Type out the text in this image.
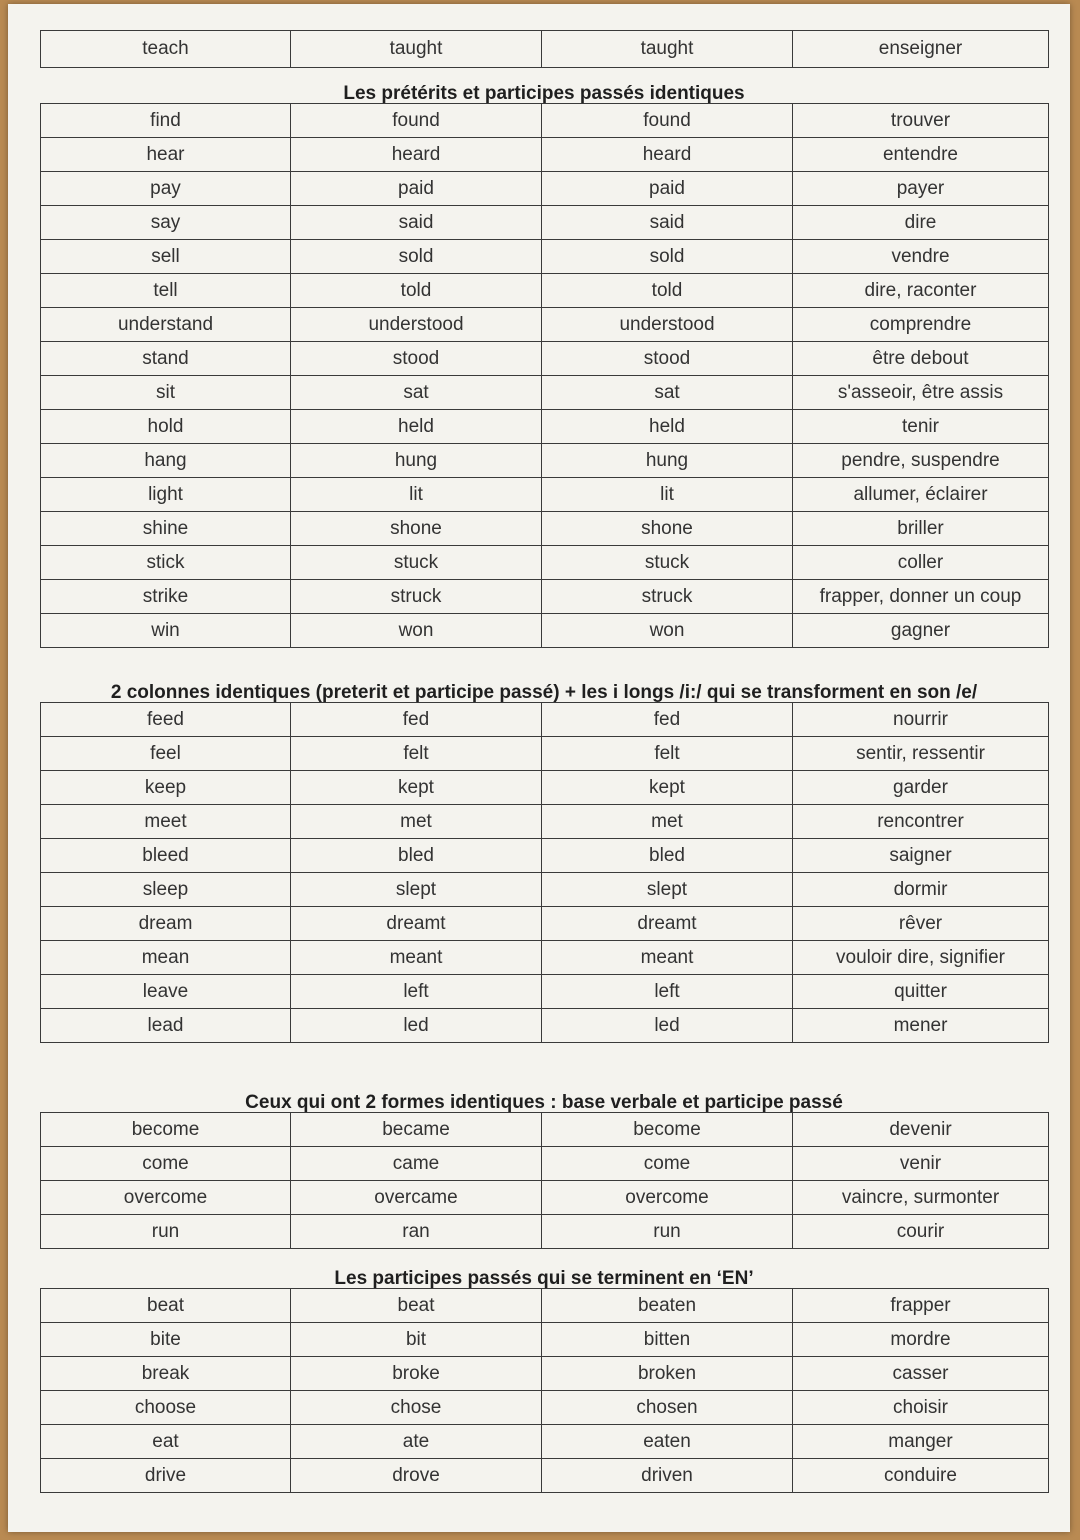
teach	taught	taught	enseigner
Les prétérits et participes passés identiques
find	found	found	trouver
hear	heard	heard	entendre
pay	paid	paid	payer
say	said	said	dire
sell	sold	sold	vendre
tell	told	told	dire, raconter
understand	understood	understood	comprendre
stand	stood	stood	être debout
sit	sat	sat	s'asseoir, être assis
hold	held	held	tenir
hang	hung	hung	pendre, suspendre
light	lit	lit	allumer, éclairer
shine	shone	shone	briller
stick	stuck	stuck	coller
strike	struck	struck	frapper, donner un coup
win	won	won	gagner
2 colonnes identiques (preterit et participe passé) + les i longs /i:/ qui se transforment en son /e/
feed	fed	fed	nourrir
feel	felt	felt	sentir, ressentir
keep	kept	kept	garder
meet	met	met	rencontrer
bleed	bled	bled	saigner
sleep	slept	slept	dormir
dream	dreamt	dreamt	rêver
mean	meant	meant	vouloir dire, signifier
leave	left	left	quitter
lead	led	led	mener
Ceux qui ont 2 formes identiques : base verbale et participe passé
become	became	become	devenir
come	came	come	venir
overcome	overcame	overcome	vaincre, surmonter
run	ran	run	courir
Les participes passés qui se terminent en ‘EN’
beat	beat	beaten	frapper
bite	bit	bitten	mordre
break	broke	broken	casser
choose	chose	chosen	choisir
eat	ate	eaten	manger
drive	drove	driven	conduire
